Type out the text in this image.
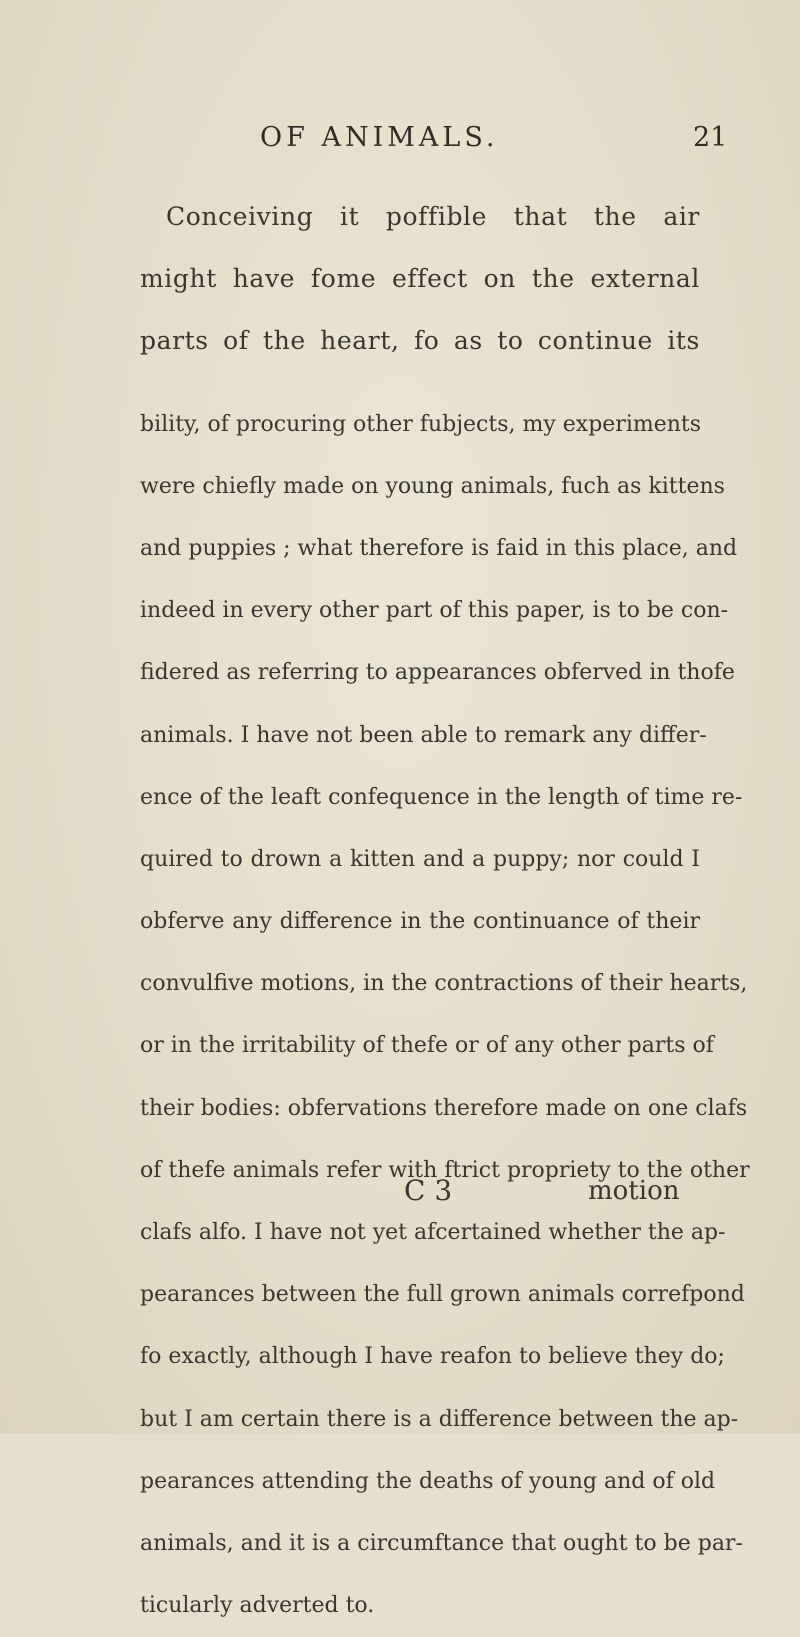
OF ANIMALS.	21
Conceiving it poffible that the air
might have fome effect on the external
parts of the heart, fo as to continue its
bility, of procuring other fubjects, my experiments
were chiefly made on young animals, fuch as kittens
and puppies ; what therefore is faid in this place, and
indeed in every other part of this paper, is to be con-
fidered as referring to appearances obferved in thofe
animals. I have not been able to remark any differ-
ence of the leaft confequence in the length of time re-
quired to drown a kitten and a puppy; nor could I
obferve any difference in the continuance of their
convulfive motions, in the contractions of their hearts,
or in the irritability of thefe or of any other parts of
their bodies: obfervations therefore made on one clafs
of thefe animals refer with ftrict propriety to the other
clafs alfo. I have not yet afcertained whether the ap-
pearances between the full grown animals correfpond
fo exactly, although I have reafon to believe they do;
but I am certain there is a difference between the ap-
pearances attending the deaths of young and of old
animals, and it is a circumftance that ought to be par-
ticularly adverted to.
C 3	motion
